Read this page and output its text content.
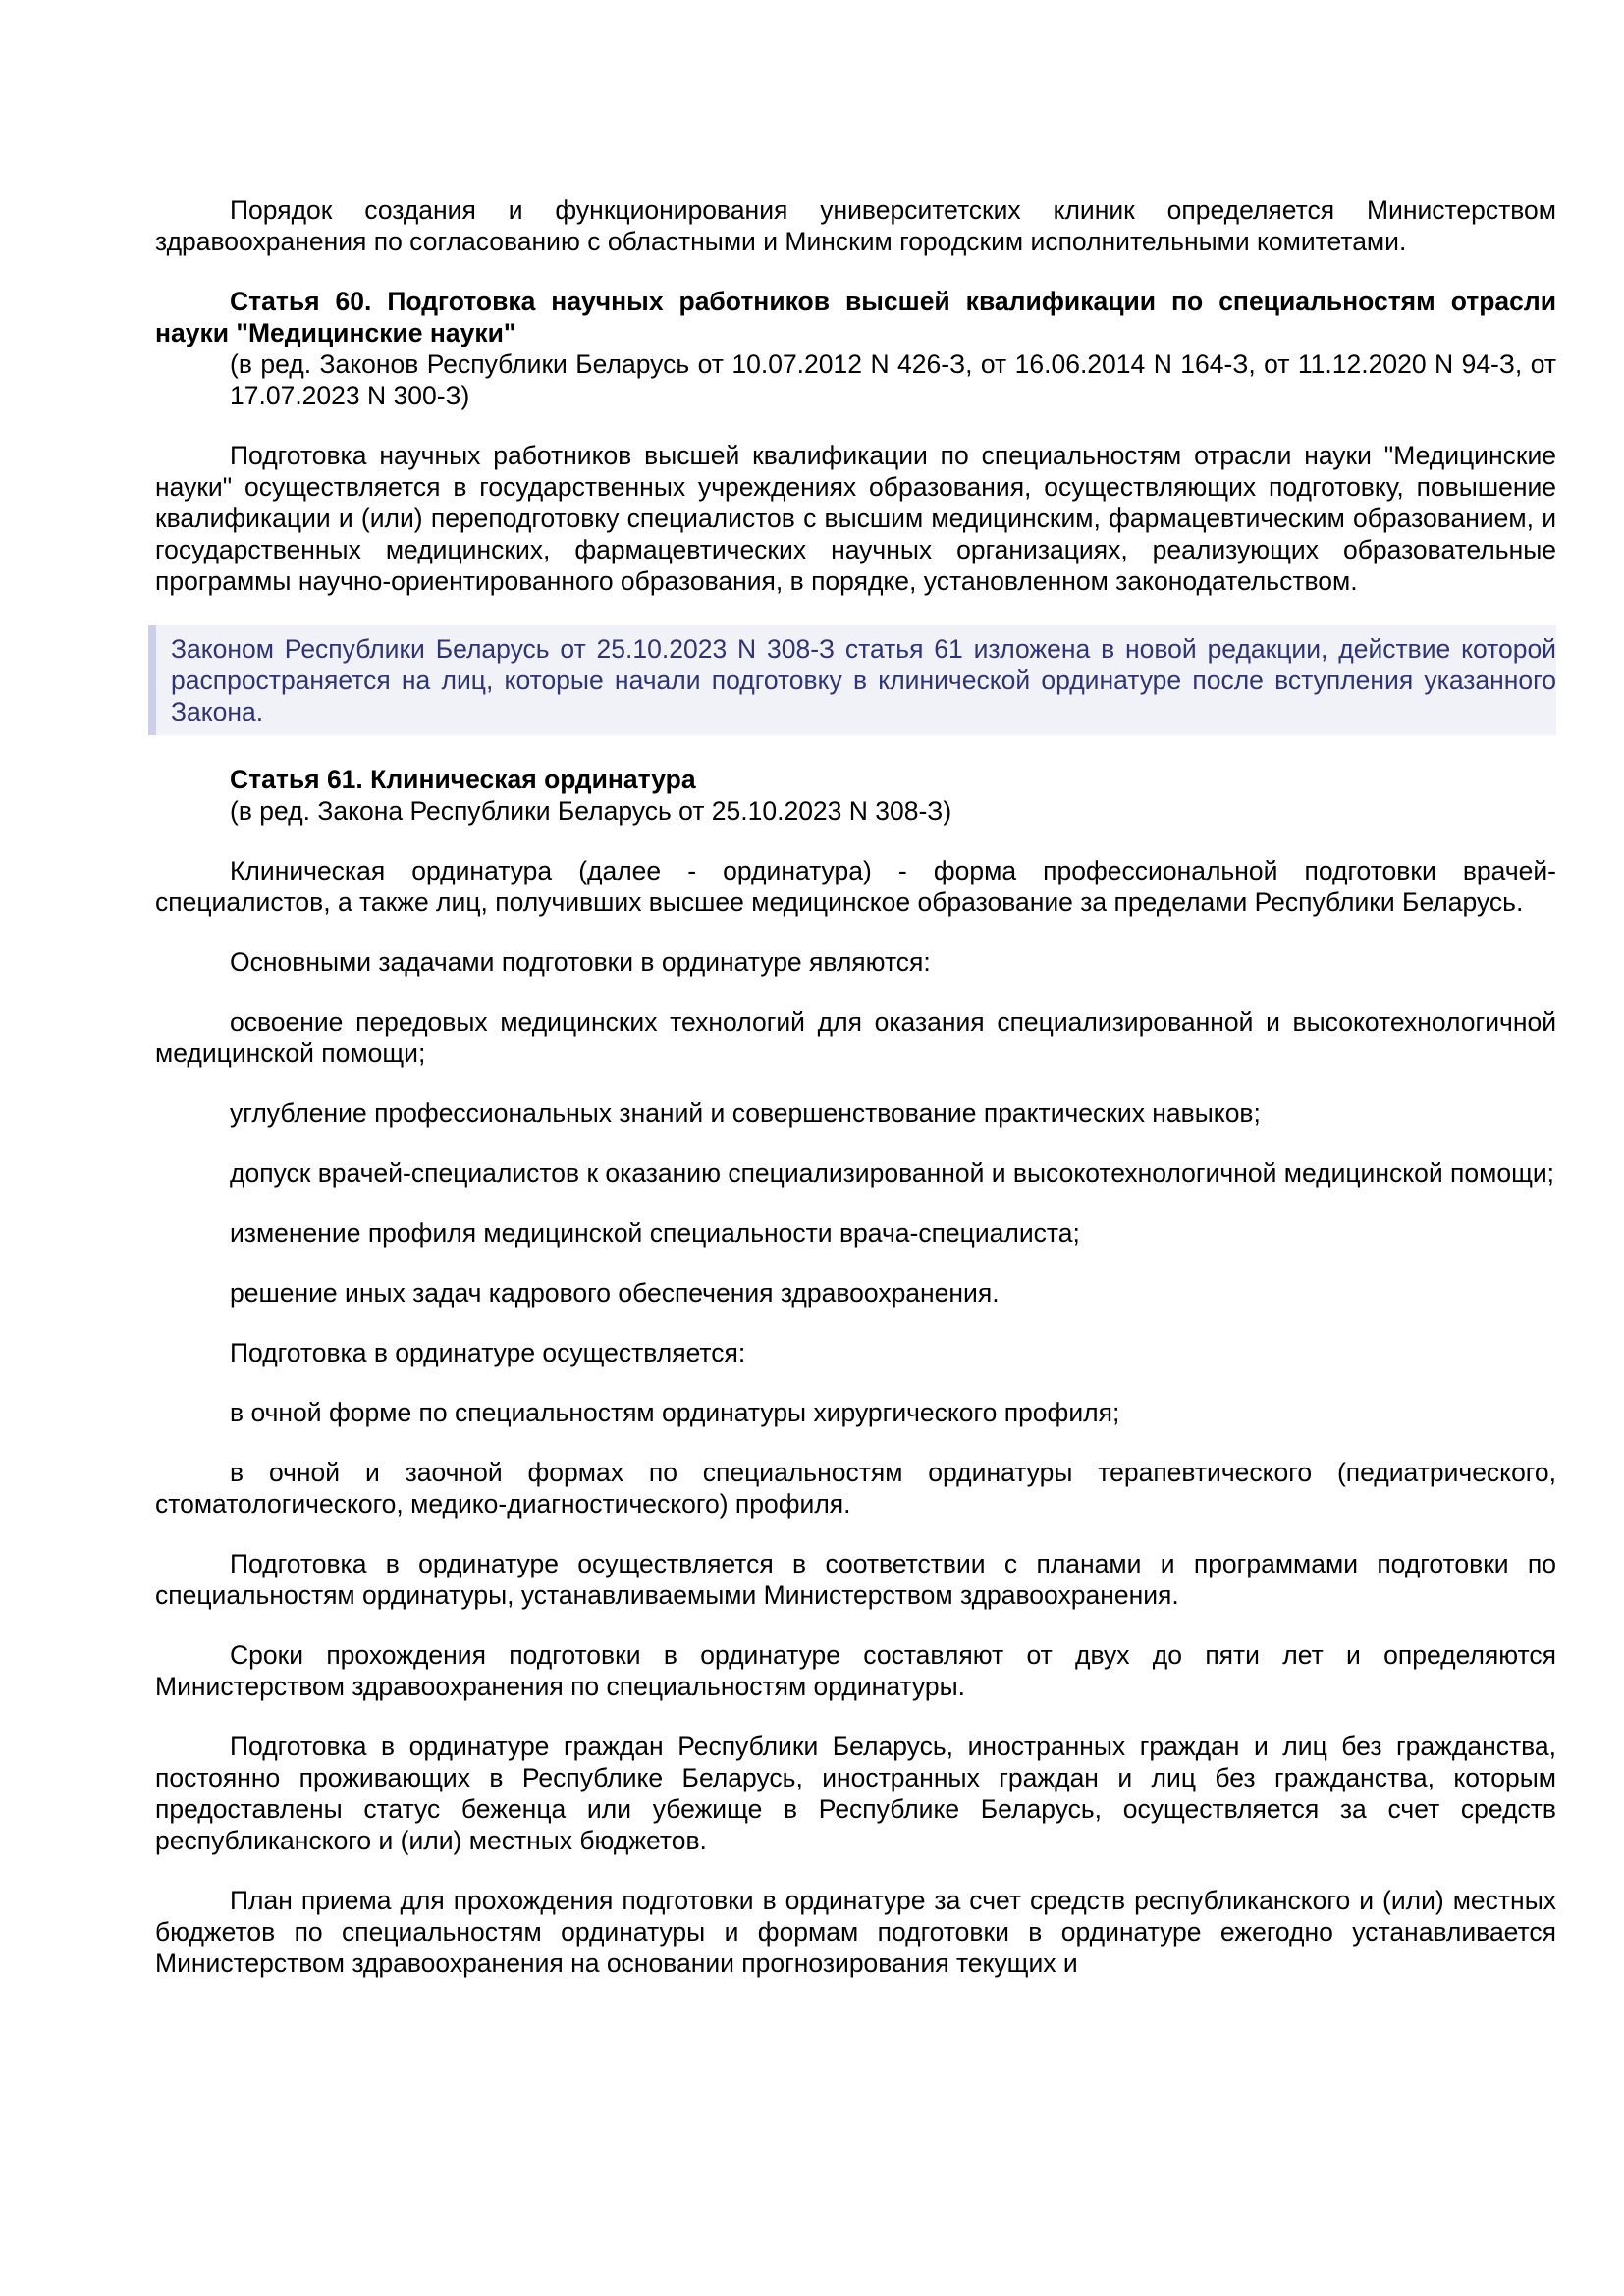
Порядок создания и функционирования университетских клиник определяется Министерством здравоохранения по согласованию с областными и Минским городским исполнительными комитетами.

Статья 60. Подготовка научных работников высшей квалификации по специальностям отрасли науки "Медицинские науки"
(в ред. Законов Республики Беларусь от 10.07.2012 N 426-З, от 16.06.2014 N 164-З, от 11.12.2020 N 94-З, от 17.07.2023 N 300-З)

Подготовка научных работников высшей квалификации по специальностям отрасли науки "Медицинские науки" осуществляется в государственных учреждениях образования, осуществляющих подготовку, повышение квалификации и (или) переподготовку специалистов с высшим медицинским, фармацевтическим образованием, и государственных медицинских, фармацевтических научных организациях, реализующих образовательные программы научно-ориентированного образования, в порядке, установленном законодательством.

Законом Республики Беларусь от 25.10.2023 N 308-З статья 61 изложена в новой редакции, действие которой распространяется на лиц, которые начали подготовку в клинической ординатуре после вступления указанного Закона.
Статья 61. Клиническая ординатура
(в ред. Закона Республики Беларусь от 25.10.2023 N 308-З)

Клиническая ординатура (далее - ординатура) - форма профессиональной подготовки врачей-специалистов, а также лиц, получивших высшее медицинское образование за пределами Республики Беларусь.

Основными задачами подготовки в ординатуре являются:

освоение передовых медицинских технологий для оказания специализированной и высокотехнологичной медицинской помощи;

углубление профессиональных знаний и совершенствование практических навыков;

допуск врачей-специалистов к оказанию специализированной и высокотехнологичной медицинской помощи;

изменение профиля медицинской специальности врача-специалиста;

решение иных задач кадрового обеспечения здравоохранения.

Подготовка в ординатуре осуществляется:

в очной форме по специальностям ординатуры хирургического профиля;

в очной и заочной формах по специальностям ординатуры терапевтического (педиатрического, стоматологического, медико-диагностического) профиля.

Подготовка в ординатуре осуществляется в соответствии с планами и программами подготовки по специальностям ординатуры, устанавливаемыми Министерством здравоохранения.

Сроки прохождения подготовки в ординатуре составляют от двух до пяти лет и определяются Министерством здравоохранения по специальностям ординатуры.

Подготовка в ординатуре граждан Республики Беларусь, иностранных граждан и лиц без гражданства, постоянно проживающих в Республике Беларусь, иностранных граждан и лиц без гражданства, которым предоставлены статус беженца или убежище в Республике Беларусь, осуществляется за счет средств республиканского и (или) местных бюджетов.

План приема для прохождения подготовки в ординатуре за счет средств республиканского и (или) местных бюджетов по специальностям ординатуры и формам подготовки в ординатуре ежегодно устанавливается Министерством здравоохранения на основании прогнозирования текущих и
